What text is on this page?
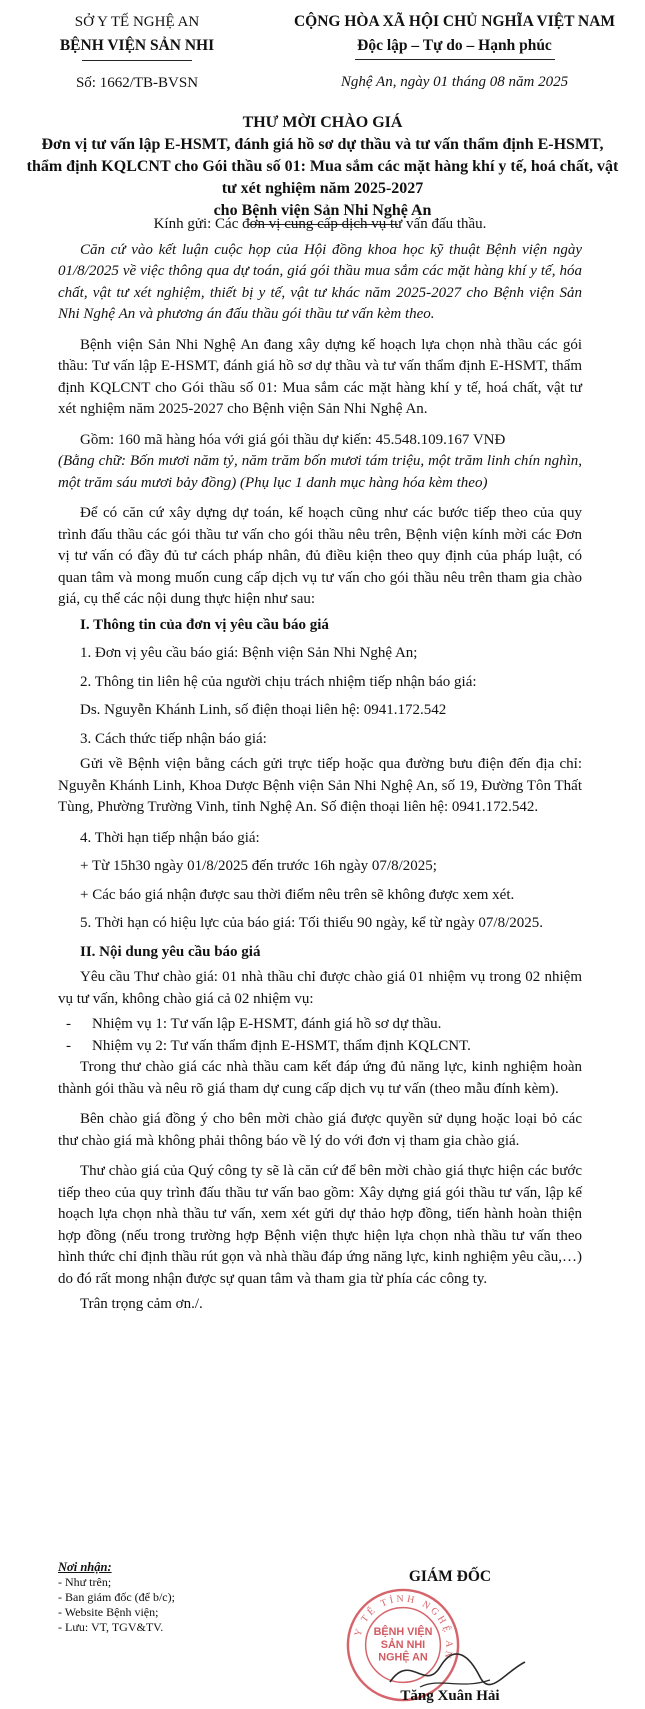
SỞ Y TẾ NGHỆ AN
BỆNH VIỆN SẢN NHI
Số: 1662/TB-BVSN
CỘNG HÒA XÃ HỘI CHỦ NGHĨA VIỆT NAM
Độc lập – Tự do – Hạnh phúc
Nghệ An, ngày 01 tháng 08 năm 2025
THƯ MỜI CHÀO GIÁ
Đơn vị tư vấn lập E-HSMT, đánh giá hồ sơ dự thầu và tư vấn thẩm định E-HSMT, thẩm định KQLCNT cho Gói thầu số 01: Mua sắm các mặt hàng khí y tế, hoá chất, vật tư xét nghiệm năm 2025-2027
cho Bệnh viện Sản Nhi Nghệ An

Kính gửi: Các đơn vị cung cấp dịch vụ tư vấn đấu thầu.

Căn cứ vào kết luận cuộc họp của Hội đồng khoa học kỹ thuật Bệnh viện ngày 01/8/2025 về việc thông qua dự toán, giá gói thầu mua sắm các mặt hàng khí y tế, hóa chất, vật tư xét nghiệm, thiết bị y tế, vật tư khác năm 2025-2027 cho Bệnh viện Sản Nhi Nghệ An và phương án đấu thầu gói thầu tư vấn kèm theo.

Bệnh viện Sản Nhi Nghệ An đang xây dựng kế hoạch lựa chọn nhà thầu các gói thầu: Tư vấn lập E-HSMT, đánh giá hồ sơ dự thầu và tư vấn thẩm định E-HSMT, thẩm định KQLCNT cho Gói thầu số 01: Mua sắm các mặt hàng khí y tế, hoá chất, vật tư xét nghiệm năm 2025-2027 cho Bệnh viện Sản Nhi Nghệ An.

Gồm: 160 mã hàng hóa với giá gói thầu dự kiến: 45.548.109.167 VNĐ

(Bằng chữ: Bốn mươi năm tỷ, năm trăm bốn mươi tám triệu, một trăm linh chín nghìn, một trăm sáu mươi bảy đồng) (Phụ lục 1 danh mục hàng hóa kèm theo)

Để có căn cứ xây dựng dự toán, kế hoạch cũng như các bước tiếp theo của quy trình đấu thầu các gói thầu tư vấn cho gói thầu nêu trên, Bệnh viện kính mời các Đơn vị tư vấn có đầy đủ tư cách pháp nhân, đủ điều kiện theo quy định của pháp luật, có quan tâm và mong muốn cung cấp dịch vụ tư vấn cho gói thầu nêu trên tham gia chào giá, cụ thể các nội dung thực hiện như sau:

I. Thông tin của đơn vị yêu cầu báo giá

1. Đơn vị yêu cầu báo giá: Bệnh viện Sản Nhi Nghệ An;

2. Thông tin liên hệ của người chịu trách nhiệm tiếp nhận báo giá:

Ds. Nguyễn Khánh Linh, số điện thoại liên hệ: 0941.172.542

3. Cách thức tiếp nhận báo giá:

Gửi về Bệnh viện bằng cách gửi trực tiếp hoặc qua đường bưu điện đến địa chỉ: Nguyễn Khánh Linh, Khoa Dược Bệnh viện Sản Nhi Nghệ An, số 19, Đường Tôn Thất Tùng, Phường Trường Vinh, tỉnh Nghệ An. Số điện thoại liên hệ: 0941.172.542.

4. Thời hạn tiếp nhận báo giá:

+ Từ 15h30 ngày 01/8/2025 đến trước 16h ngày 07/8/2025;

+ Các báo giá nhận được sau thời điểm nêu trên sẽ không được xem xét.

5. Thời hạn có hiệu lực của báo giá: Tối thiểu 90 ngày, kể từ ngày 07/8/2025.

II. Nội dung yêu cầu báo giá

Yêu cầu Thư chào giá: 01 nhà thầu chỉ được chào giá 01 nhiệm vụ trong 02 nhiệm vụ tư vấn, không chào giá cả 02 nhiệm vụ:

-	Nhiệm vụ 1: Tư vấn lập E-HSMT, đánh giá hồ sơ dự thầu.
-	Nhiệm vụ 2: Tư vấn thẩm định E-HSMT, thẩm định KQLCNT.

Trong thư chào giá các nhà thầu cam kết đáp ứng đủ năng lực, kinh nghiệm hoàn thành gói thầu và nêu rõ giá tham dự cung cấp dịch vụ tư vấn (theo mẫu đính kèm).

Bên chào giá đồng ý cho bên mời chào giá được quyền sử dụng hoặc loại bỏ các thư chào giá mà không phải thông báo về lý do với đơn vị tham gia chào giá.

Thư chào giá của Quý công ty sẽ là căn cứ để bên mời chào giá thực hiện các bước tiếp theo của quy trình đấu thầu tư vấn bao gồm: Xây dựng giá gói thầu tư vấn, lập kế hoạch lựa chọn nhà thầu tư vấn, xem xét gửi dự thảo hợp đồng, tiến hành hoàn thiện hợp đồng (nếu trong trường hợp Bệnh viện thực hiện lựa chọn nhà thầu tư vấn theo hình thức chỉ định thầu rút gọn và nhà thầu đáp ứng năng lực, kinh nghiệm yêu cầu,…) do đó rất mong nhận được sự quan tâm và tham gia từ phía các công ty.

Trân trọng cảm ơn./.

Nơi nhận:
- Như trên;
- Ban giám đốc (để b/c);
- Website Bệnh viện;
- Lưu: VT, TGV&TV.
GIÁM ĐỐC
Y TẾ TỈNH NGHỆ AN
BỆNH VIỆN
SẢN NHI
NGHỆ AN
Tăng Xuân Hải
